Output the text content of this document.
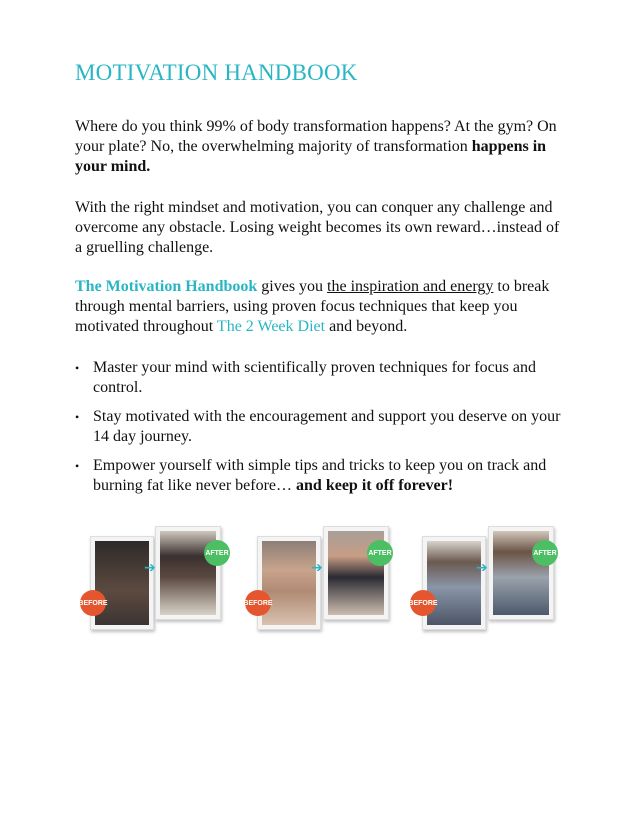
MOTIVATION HANDBOOK

Where do you think 99% of body transformation happens? At the gym? On your plate? No, the overwhelming majority of transformation happens in your mind.

With the right mindset and motivation, you can conquer any challenge and overcome any obstacle. Losing weight becomes its own reward…instead of a gruelling challenge.

The Motivation Handbook gives you the inspiration and energy to break through mental barriers, using proven focus techniques that keep you motivated throughout The 2 Week Diet and beyond.

• Master your mind with scientifically proven techniques for focus and control.
• Stay motivated with the encouragement and support you deserve on your 14 day journey.
• Empower yourself with simple tips and tricks to keep you on track and burning fat like never before… and keep it off forever!
➔
BEFORE
AFTER
➔
BEFORE
AFTER
➔
BEFORE
AFTER
